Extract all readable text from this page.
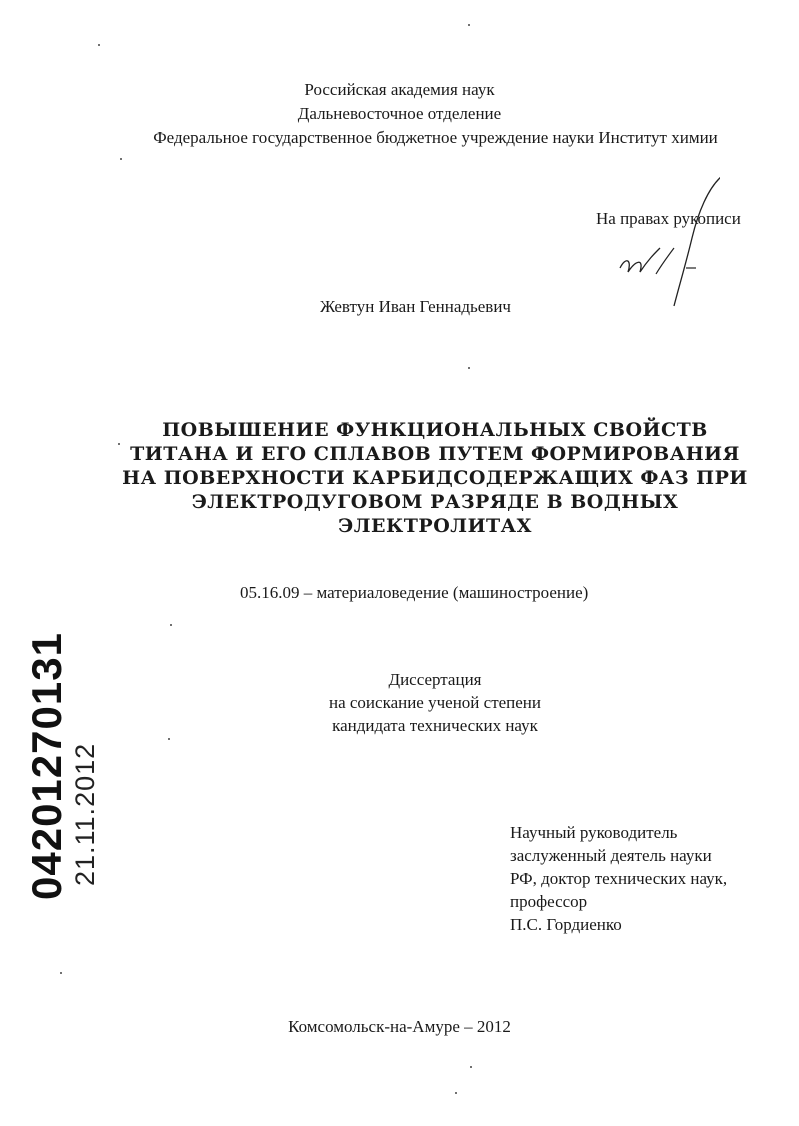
Российская академия наук
Дальневосточное отделение
Федеральное государственное бюджетное учреждение науки Институт химии
На правах рукописи
Жевтун Иван Геннадьевич
ПОВЫШЕНИЕ ФУНКЦИОНАЛЬНЫХ СВОЙСТВ
ТИТАНА И ЕГО СПЛАВОВ ПУТЕМ ФОРМИРОВАНИЯ
НА ПОВЕРХНОСТИ КАРБИДСОДЕРЖАЩИХ ФАЗ ПРИ
ЭЛЕКТРОДУГОВОМ РАЗРЯДЕ В ВОДНЫХ
ЭЛЕКТРОЛИТАХ
05.16.09 – материаловедение (машиностроение)
Диссертация
на соискание ученой степени
кандидата технических наук
Научный руководитель
заслуженный деятель науки
РФ, доктор технических наук,
профессор
П.С. Гордиенко
Комсомольск-на-Амуре – 2012
04201270131 21.11.2012
